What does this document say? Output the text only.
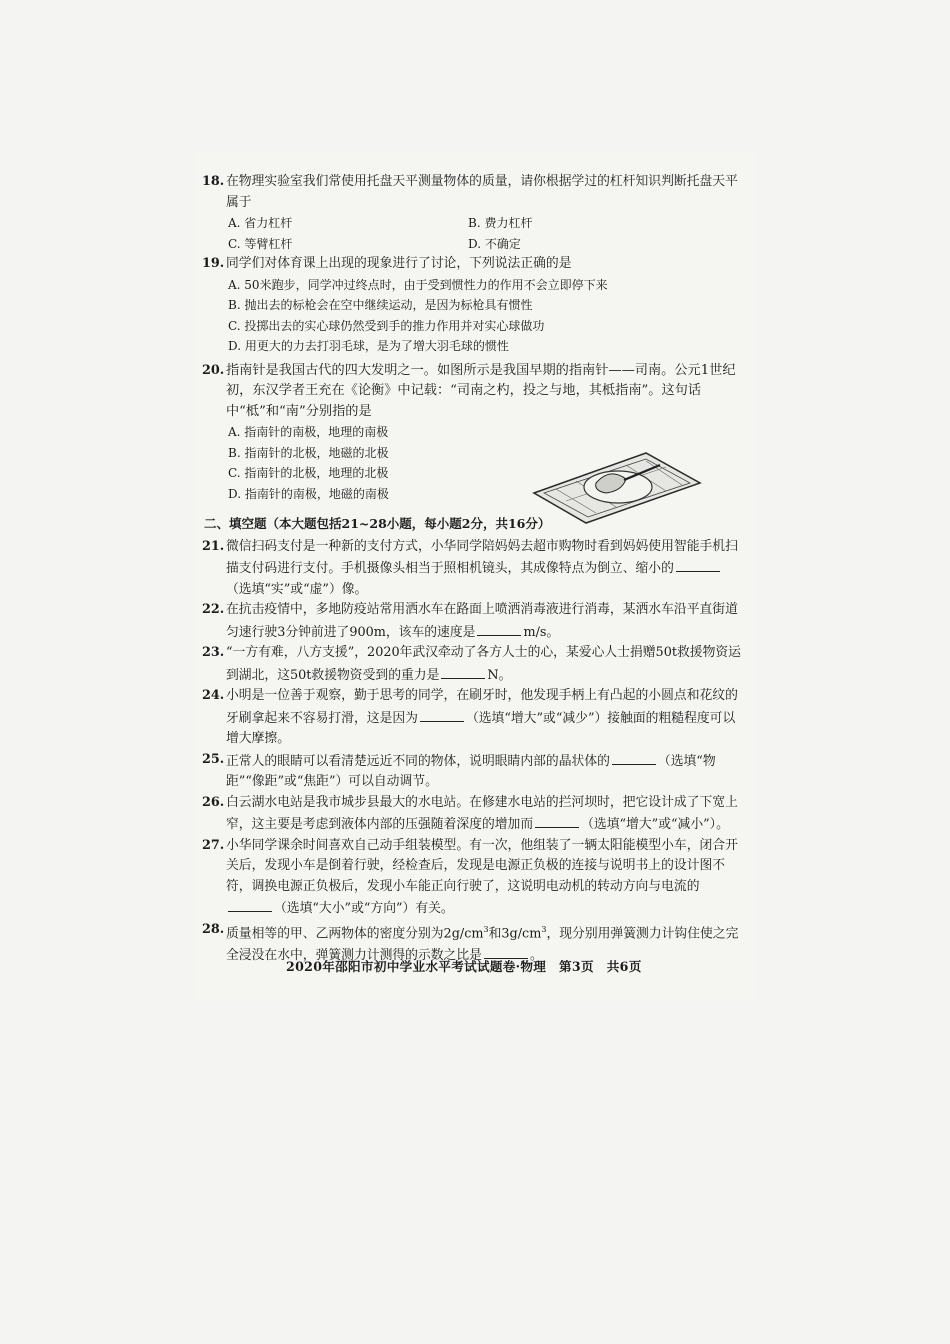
18. 在物理实验室我们常使用托盘天平测量物体的质量，请你根据学过的杠杆知识判断托盘天平属于

A. 省力杠杆	B. 费力杠杆
C. 等臂杠杆	D. 不确定
19. 同学们对体育课上出现的现象进行了讨论，下列说法正确的是

A. 50米跑步，同学冲过终点时，由于受到惯性力的作用不会立即停下来

B. 抛出去的标枪会在空中继续运动，是因为标枪具有惯性

C. 投掷出去的实心球仍然受到手的推力作用并对实心球做功

D. 用更大的力去打羽毛球，是为了增大羽毛球的惯性

20. 指南针是我国古代的四大发明之一。如图所示是我国早期的指南针——司南。公元1世纪初，东汉学者王充在《论衡》中记载：“司南之杓，投之与地，其柢指南”。这句话中“柢”和“南”分别指的是

A. 指南针的南极，地理的南极

B. 指南针的北极，地磁的北极

C. 指南针的北极，地理的北极

D. 指南针的南极，地磁的南极

二、填空题（本大题包括21~28小题，每小题2分，共16分）
21. 微信扫码支付是一种新的支付方式，小华同学陪妈妈去超市购物时看到妈妈使用智能手机扫描支付码进行支付。手机摄像头相当于照相机镜头，其成像特点为倒立、缩小的（选填“实”或“虚”）像。

22. 在抗击疫情中，多地防疫站常用洒水车在路面上喷洒消毒液进行消毒，某洒水车沿平直街道匀速行驶3分钟前进了900m，该车的速度是	m/s。

23. “一方有难，八方支援”，2020年武汉牵动了各方人士的心，某爱心人士捐赠50t救援物资运到湖北，这50t救援物资受到的重力是	N。

24. 小明是一位善于观察，勤于思考的同学，在刷牙时，他发现手柄上有凸起的小圆点和花纹的牙刷拿起来不容易打滑，这是因为	（选填“增大”或“减少”）接触面的粗糙程度可以增大摩擦。

25. 正常人的眼睛可以看清楚远近不同的物体，说明眼睛内部的晶状体的	（选填“物距”“像距”或“焦距”）可以自动调节。

26. 白云湖水电站是我市城步县最大的水电站。在修建水电站的拦河坝时，把它设计成了下宽上窄，这主要是考虑到液体内部的压强随着深度的增加而	（选填“增大”或“减小”）。

27. 小华同学课余时间喜欢自己动手组装模型。有一次，他组装了一辆太阳能模型小车，闭合开关后，发现小车是倒着行驶，经检查后，发现是电源正负极的连接与说明书上的设计图不符，调换电源正负极后，发现小车能正向行驶了，这说明电动机的转动方向与电流的（选填“大小”或“方向”）有关。

28. 质量相等的甲、乙两物体的密度分别为$2g/cm^3$和$3g/cm^3$，现分别用弹簧测力计钩住使之完全浸没在水中，弹簧测力计测得的示数之比是	。

2020年邵阳市初中学业水平考试试题卷·物理　第3页　共6页
